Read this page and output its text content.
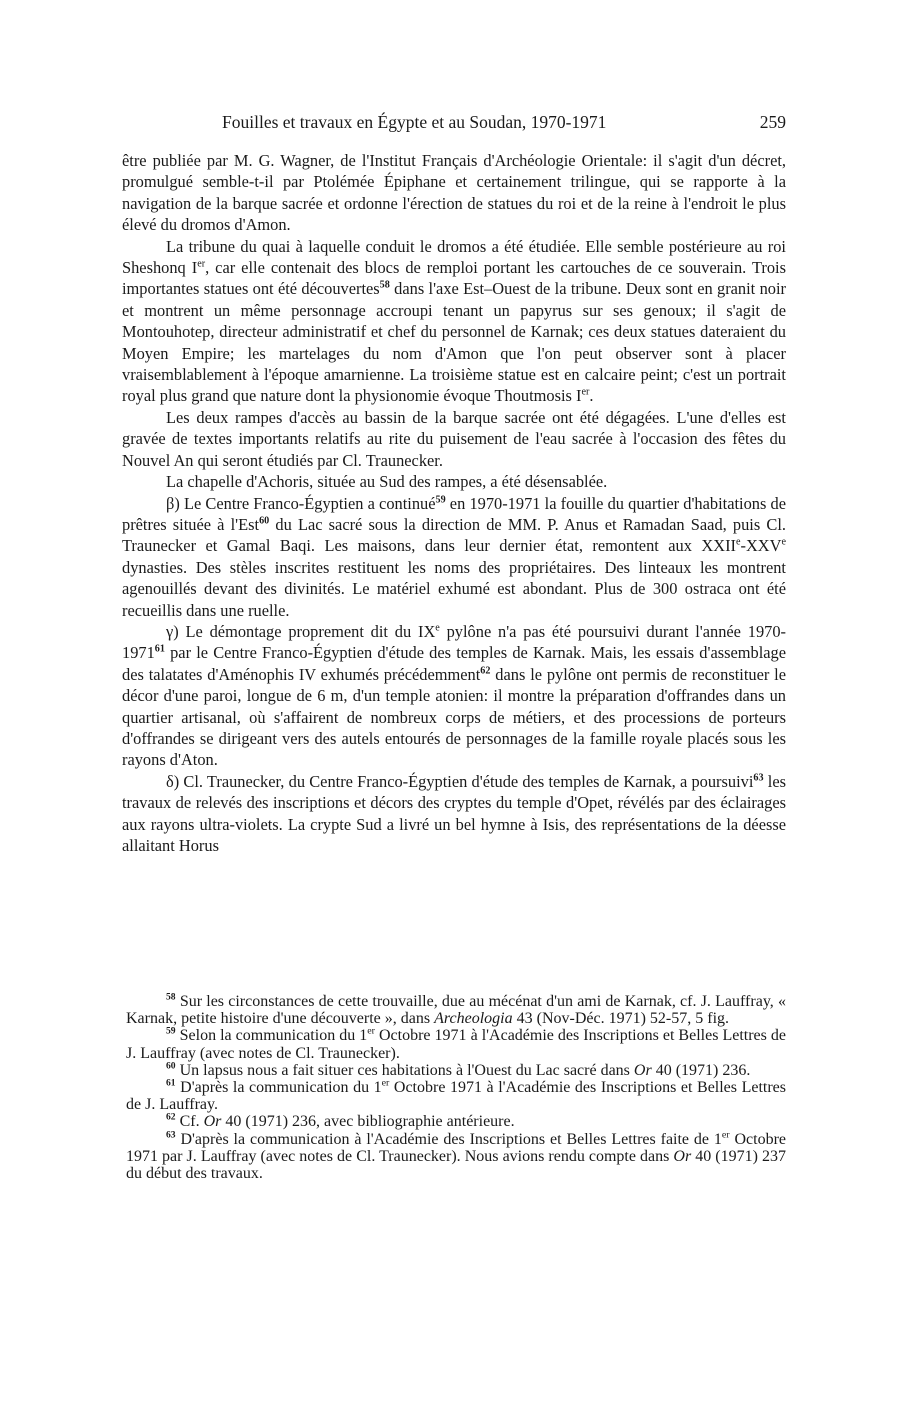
Fouilles et travaux en Égypte et au Soudan, 1970-1971	259

être publiée par M. G. Wagner, de l'Institut Français d'Archéologie Orientale: il s'agit d'un décret, promulgué semble-t-il par Ptolémée Épiphane et certainement trilingue, qui se rapporte à la navigation de la barque sacrée et ordonne l'érection de statues du roi et de la reine à l'endroit le plus élevé du dromos d'Amon.

La tribune du quai à laquelle conduit le dromos a été étudiée. Elle semble postérieure au roi Sheshonq Ier, car elle contenait des blocs de remploi portant les cartouches de ce souverain. Trois importantes statues ont été découvertes$^{58}$ dans l'axe Est–Ouest de la tribune. Deux sont en granit noir et montrent un même personnage accroupi tenant un papyrus sur ses genoux; il s'agit de Montouhotep, directeur administratif et chef du personnel de Karnak; ces deux statues dateraient du Moyen Empire; les martelages du nom d'Amon que l'on peut observer sont à placer vraisemblablement à l'époque amarnienne. La troisième statue est en calcaire peint; c'est un portrait royal plus grand que nature dont la physionomie évoque Thoutmosis Ier.

Les deux rampes d'accès au bassin de la barque sacrée ont été dégagées. L'une d'elles est gravée de textes importants relatifs au rite du puisement de l'eau sacrée à l'occasion des fêtes du Nouvel An qui seront étudiés par Cl. Traunecker.

La chapelle d'Achoris, située au Sud des rampes, a été désensablée.

β) Le Centre Franco-Égyptien a continué$^{59}$ en 1970-1971 la fouille du quartier d'habitations de prêtres située à l'Est$^{60}$ du Lac sacré sous la direction de MM. P. Anus et Ramadan Saad, puis Cl. Traunecker et Gamal Baqi. Les maisons, dans leur dernier état, remontent aux XXIIe-XXVe dynasties. Des stèles inscrites restituent les noms des propriétaires. Des linteaux les montrent agenouillés devant des divinités. Le matériel exhumé est abondant. Plus de 300 ostraca ont été recueillis dans une ruelle.

γ) Le démontage proprement dit du IXe pylône n'a pas été poursuivi durant l'année 1970-1971$^{61}$ par le Centre Franco-Égyptien d'étude des temples de Karnak. Mais, les essais d'assemblage des talatates d'Aménophis IV exhumés précédemment$^{62}$ dans le pylône ont permis de reconstituer le décor d'une paroi, longue de 6 m, d'un temple atonien: il montre la préparation d'offrandes dans un quartier artisanal, où s'affairent de nombreux corps de métiers, et des processions de porteurs d'offrandes se dirigeant vers des autels entourés de personnages de la famille royale placés sous les rayons d'Aton.

δ) Cl. Traunecker, du Centre Franco-Égyptien d'étude des temples de Karnak, a poursuivi$^{63}$ les travaux de relevés des inscriptions et décors des cryptes du temple d'Opet, révélés par des éclairages aux rayons ultra-violets. La crypte Sud a livré un bel hymne à Isis, des représentations de la déesse allaitant Horus

$^{58}$ Sur les circonstances de cette trouvaille, due au mécénat d'un ami de Karnak, cf. J. Lauffray, « Karnak, petite histoire d'une découverte », dans Archeologia 43 (Nov-Déc. 1971) 52-57, 5 fig.

$^{59}$ Selon la communication du 1er Octobre 1971 à l'Académie des Inscriptions et Belles Lettres de J. Lauffray (avec notes de Cl. Traunecker).

$^{60}$ Un lapsus nous a fait situer ces habitations à l'Ouest du Lac sacré dans Or 40 (1971) 236.

$^{61}$ D'après la communication du 1er Octobre 1971 à l'Académie des Inscriptions et Belles Lettres de J. Lauffray.

$^{62}$ Cf. Or 40 (1971) 236, avec bibliographie antérieure.

$^{63}$ D'après la communication à l'Académie des Inscriptions et Belles Lettres faite de 1er Octobre 1971 par J. Lauffray (avec notes de Cl. Traunecker). Nous avions rendu compte dans Or 40 (1971) 237 du début des travaux.
